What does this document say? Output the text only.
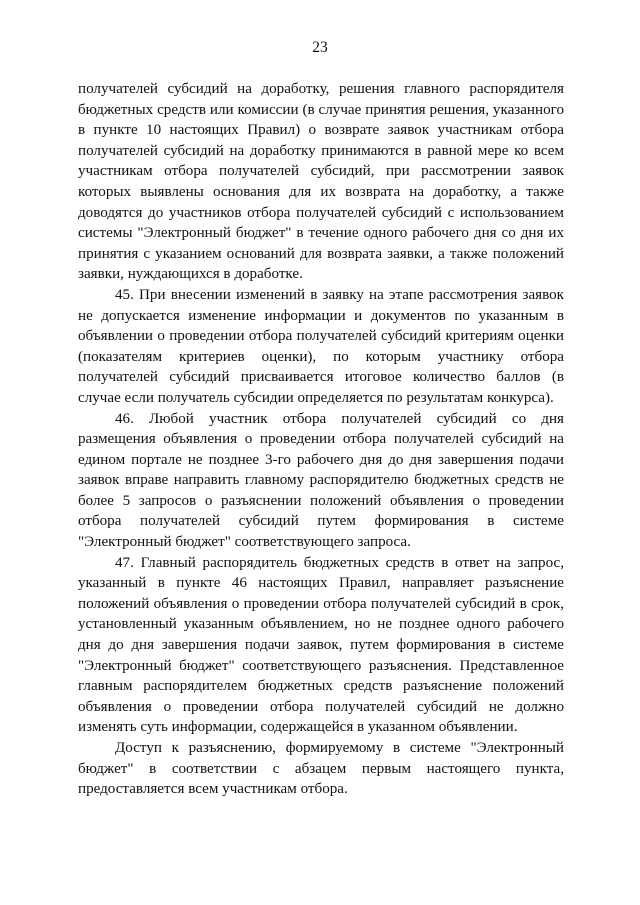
23

получателей субсидий на доработку, решения главного распорядителя бюджетных средств или комиссии (в случае принятия решения, указанного в пункте 10 настоящих Правил) о возврате заявок участникам отбора получателей субсидий на доработку принимаются в равной мере ко всем участникам отбора получателей субсидий, при рассмотрении заявок которых выявлены основания для их возврата на доработку, а также доводятся до участников отбора получателей субсидий с использованием системы "Электронный бюджет" в течение одного рабочего дня со дня их принятия с указанием оснований для возврата заявки, а также положений заявки, нуждающихся в доработке.

45. При внесении изменений в заявку на этапе рассмотрения заявок не допускается изменение информации и документов по указанным в объявлении о проведении отбора получателей субсидий критериям оценки (показателям критериев оценки), по которым участнику отбора получателей субсидий присваивается итоговое количество баллов (в случае если получатель субсидии определяется по результатам конкурса).

46. Любой участник отбора получателей субсидий со дня размещения объявления о проведении отбора получателей субсидий на едином портале не позднее 3-го рабочего дня до дня завершения подачи заявок вправе направить главному распорядителю бюджетных средств не более 5 запросов о разъяснении положений объявления о проведении отбора получателей субсидий путем формирования в системе "Электронный бюджет" соответствующего запроса.

47. Главный распорядитель бюджетных средств в ответ на запрос, указанный в пункте 46 настоящих Правил, направляет разъяснение положений объявления о проведении отбора получателей субсидий в срок, установленный указанным объявлением, но не позднее одного рабочего дня до дня завершения подачи заявок, путем формирования в системе "Электронный бюджет" соответствующего разъяснения. Представленное главным распорядителем бюджетных средств разъяснение положений объявления о проведении отбора получателей субсидий не должно изменять суть информации, содержащейся в указанном объявлении.

Доступ к разъяснению, формируемому в системе "Электронный бюджет" в соответствии с абзацем первым настоящего пункта, предоставляется всем участникам отбора.
